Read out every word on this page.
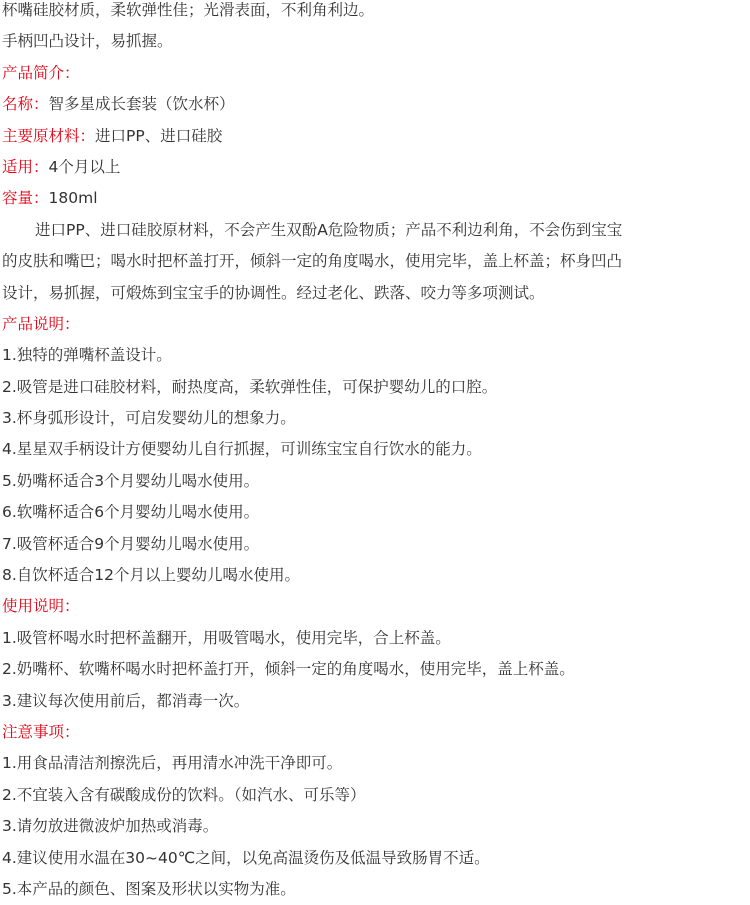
杯嘴硅胶材质，柔软弹性佳；光滑表面，不利角利边。
手柄凹凸设计，易抓握。
产品简介：
名称：智多星成长套装（饮水杯）
主要原材料：进口PP、进口硅胶
适用：4个月以上
容量：180ml
进口PP、进口硅胶原材料，不会产生双酚A危险物质；产品不利边利角，不会伤到宝宝
的皮肤和嘴巴；喝水时把杯盖打开，倾斜一定的角度喝水，使用完毕，盖上杯盖；杯身凹凸
设计，易抓握，可煅炼到宝宝手的协调性。经过老化、跌落、咬力等多项测试。
产品说明：
1.独特的弹嘴杯盖设计。
2.吸管是进口硅胶材料，耐热度高，柔软弹性佳，可保护婴幼儿的口腔。
3.杯身弧形设计，可启发婴幼儿的想象力。
4.星星双手柄设计方便婴幼儿自行抓握，可训练宝宝自行饮水的能力。
5.奶嘴杯适合3个月婴幼儿喝水使用。
6.软嘴杯适合6个月婴幼儿喝水使用。
7.吸管杯适合9个月婴幼儿喝水使用。
8.自饮杯适合12个月以上婴幼儿喝水使用。
使用说明：
1.吸管杯喝水时把杯盖翻开，用吸管喝水，使用完毕，合上杯盖。
2.奶嘴杯、软嘴杯喝水时把杯盖打开，倾斜一定的角度喝水，使用完毕，盖上杯盖。
3.建议每次使用前后，都消毒一次。
注意事项：
1.用食品清洁剂擦洗后，再用清水冲洗干净即可。
2.不宜装入含有碳酸成份的饮料。（如汽水、可乐等）
3.请勿放进微波炉加热或消毒。
4.建议使用水温在30~40℃之间，以免高温烫伤及低温导致肠胃不适。
5.本产品的颜色、图案及形状以实物为准。
